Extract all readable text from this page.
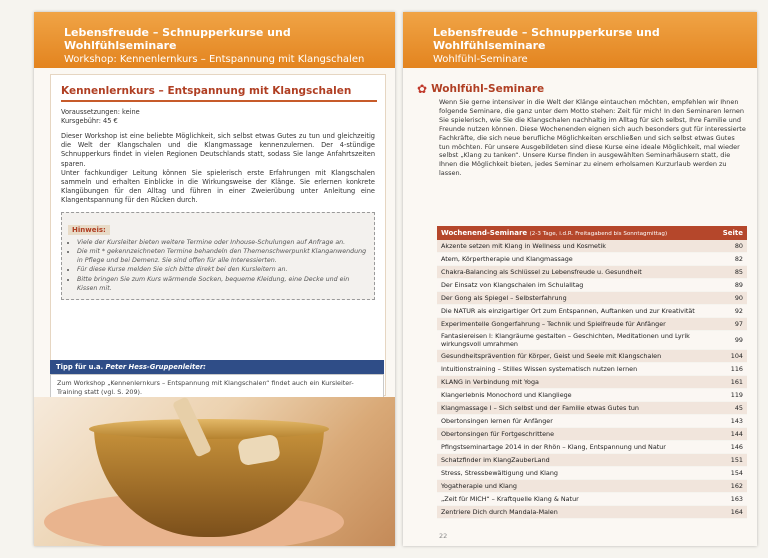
Lebensfreude – Schnupperkurse und Wohlfühlseminare
Workshop: Kennenlernkurs – Entspannung mit Klangschalen
Kennenlernkurs – Entspannung mit Klangschalen
Voraussetzungen: keine
Kursgebühr: 45 €
Dieser Workshop ist eine beliebte Möglichkeit, sich selbst etwas Gutes zu tun und gleichzeitig die Welt der Klangschalen und die Klangmassage kennenzulernen. Der 4-stündige Schnupperkurs findet in vielen Regionen Deutschlands statt, sodass Sie lange Anfahrtszeiten sparen.
Unter fachkundiger Leitung können Sie spielerisch erste Erfahrungen mit Klangschalen sammeln und erhalten Einblicke in die Wirkungsweise der Klänge. Sie erlernen konkrete Klangübungen für den Alltag und führen in einer Zweierübung unter Anleitung eine Klangentspannung für den Rücken durch.
Hinweis:
• Viele der Kursleiter bieten weitere Termine oder Inhouse-Schulungen auf Anfrage an.
• Die mit * gekennzeichneten Termine behandeln den Themenschwerpunkt Klanganwendung in Pflege und bei Demenz. Sie sind offen für alle Interessierten.
• Für diese Kurse melden Sie sich bitte direkt bei den Kursleitern an.
• Bitte bringen Sie zum Kurs wärmende Socken, bequeme Kleidung, eine Decke und ein Kissen mit.
Tipp für u.a. Peter Hess-Gruppenleiter:
Zum Workshop „Kennenlernkurs – Entspannung mit Klangschalen“ findet auch ein Kursleiter-Training statt (vgl. S. 209).
Lebensfreude – Schnupperkurse und Wohlfühlseminare
Wohlfühl-Seminare
✿ Wohlfühl-Seminare
Wenn Sie gerne intensiver in die Welt der Klänge eintauchen möchten, empfehlen wir Ihnen folgende Seminare, die ganz unter dem Motto stehen: Zeit für mich! In den Seminaren lernen Sie spielerisch, wie Sie die Klangschalen nachhaltig im Alltag für sich selbst, Ihre Familie und Freunde nutzen können. Diese Wochenenden eignen sich auch besonders gut für interessierte Fachkräfte, die sich neue berufliche Möglichkeiten erschließen und sich selbst etwas Gutes tun möchten. Für unsere Ausgebildeten sind diese Kurse eine ideale Möglichkeit, mal wieder selbst „Klang zu tanken“. Unsere Kurse finden in ausgewählten Seminarhäusern statt, die Ihnen die Möglichkeit bieten, jedes Seminar zu einem erholsamen Kurzurlaub werden zu lassen.
Wochenend-Seminare (2-3 Tage, i.d.R. Freitagabend bis Sonntagmittag)	Seite
Akzente setzen mit Klang in Wellness und Kosmetik	80
Atem, Körpertherapie und Klangmassage	82
Chakra-Balancing als Schlüssel zu Lebensfreude u. Gesundheit	85
Der Einsatz von Klangschalen im Schulalltag	89
Der Gong als Spiegel – Selbsterfahrung	90
Die NATUR als einzigartiger Ort zum Entspannen, Auftanken und zur Kreativität	92
Experimentelle Gongerfahrung – Technik und Spielfreude für Anfänger	97
Fantasiereisen I: Klangräume gestalten – Geschichten, Meditationen und Lyrik wirkungsvoll umrahmen	99
Gesundheitsprävention für Körper, Geist und Seele mit Klangschalen	104
Intuitionstraining – Stilles Wissen systematisch nutzen lernen	116
KLANG in Verbindung mit Yoga	161
Klangerlebnis Monochord und Klangliege	119
Klangmassage I – Sich selbst und der Familie etwas Gutes tun	45
Obertonsingen lernen für Anfänger	143
Obertonsingen für Fortgeschrittene	144
Pfingstseminartage 2014 in der Rhön – Klang, Entspannung und Natur	146
Schatzfinder im KlangZauberLand	151
Stress, Stressbewältigung und Klang	154
Yogatherapie und Klang	162
„Zeit für MICH“ – Kraftquelle Klang & Natur	163
Zentriere Dich durch Mandala-Malen	164
22
